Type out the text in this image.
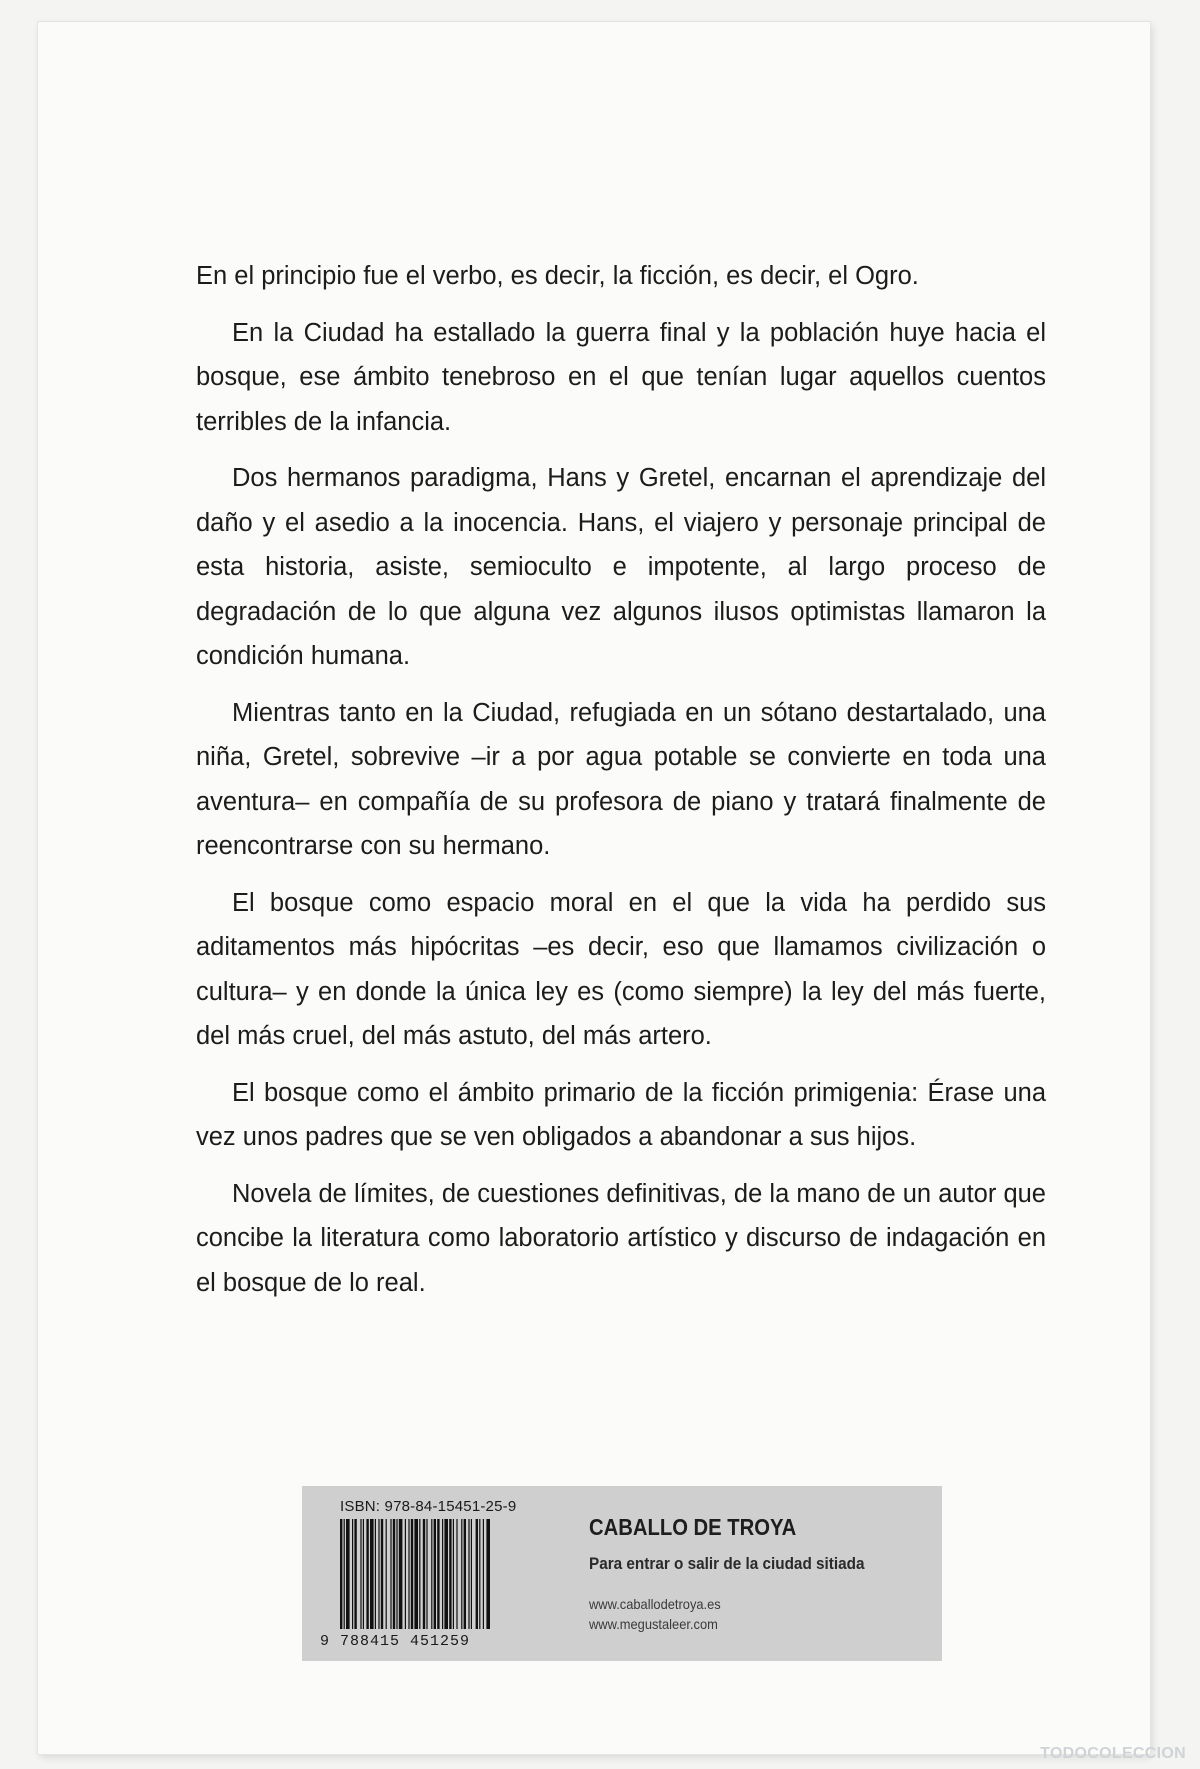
En el principio fue el verbo, es decir, la ficción, es decir, el Ogro.

En la Ciudad ha estallado la guerra final y la población huye hacia el bosque, ese ámbito tenebroso en el que tenían lugar aquellos cuentos terribles de la infancia.

Dos hermanos paradigma, Hans y Gretel, encarnan el aprendizaje del daño y el asedio a la inocencia. Hans, el viajero y personaje principal de esta historia, asiste, semioculto e impotente, al largo proceso de degradación de lo que alguna vez algunos ilusos optimistas llamaron la condición humana.

Mientras tanto en la Ciudad, refugiada en un sótano destartalado, una niña, Gretel, sobrevive –ir a por agua potable se convierte en toda una aventura– en compañía de su profesora de piano y tratará finalmente de reencontrarse con su hermano.

El bosque como espacio moral en el que la vida ha perdido sus aditamentos más hipócritas –es decir, eso que llamamos civilización o cultura– y en donde la única ley es (como siempre) la ley del más fuerte, del más cruel, del más astuto, del más artero.

El bosque como el ámbito primario de la ficción primigenia: Érase una vez unos padres que se ven obligados a abandonar a sus hijos.

Novela de límites, de cuestiones definitivas, de la mano de un autor que concibe la literatura como laboratorio artístico y discurso de indagación en el bosque de lo real.

ISBN: 978-84-15451-25-9
9 788415 451259
CABALLO DE TROYA
Para entrar o salir de la ciudad sitiada
www.caballodetroya.es
www.megustaleer.com
TODOCOLECCION
